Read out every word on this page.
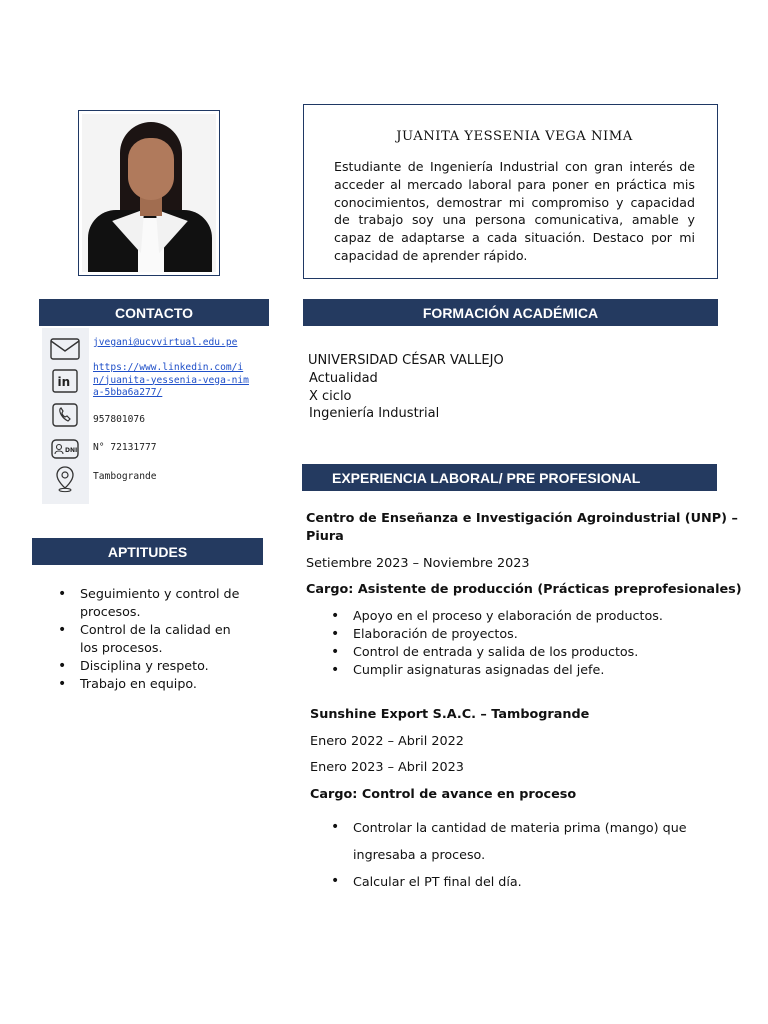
JUANITA YESSENIA VEGA NIMA
Estudiante de Ingeniería Industrial con gran interés de acceder al mercado laboral para poner en práctica mis conocimientos, demostrar mi compromiso y capacidad de trabajo soy una persona comunicativa, amable y capaz de adaptarse a cada situación. Destaco por mi capacidad de aprender rápido.
CONTACTO
in
DNI
jvegani@ucvvirtual.edu.pe
https://www.linkedin.com/in/juanita-yessenia-vega-nima-5bba6a277/
957801076
N° 72131777
Tambogrande
APTITUDES
• Seguimiento y control de procesos.
• Control de la calidad en los procesos.
• Disciplina y respeto.
• Trabajo en equipo.
FORMACIÓN ACADÉMICA
UNIVERSIDAD CÉSAR VALLEJO
Actualidad
X ciclo
Ingeniería Industrial
EXPERIENCIA LABORAL/ PRE PROFESIONAL
Centro de Enseñanza e Investigación Agroindustrial (UNP) –
Piura
Setiembre 2023 – Noviembre 2023
Cargo: Asistente de producción (Prácticas preprofesionales)
• Apoyo en el proceso y elaboración de productos.
• Elaboración de proyectos.
• Control de entrada y salida de los productos.
• Cumplir asignaturas asignadas del jefe.
Sunshine Export S.A.C. – Tambogrande
Enero 2022 – Abril 2022
Enero 2023 – Abril 2023
Cargo: Control de avance en proceso
• Controlar la cantidad de materia prima (mango) que
ingresaba a proceso.
• Calcular el PT final del día.
